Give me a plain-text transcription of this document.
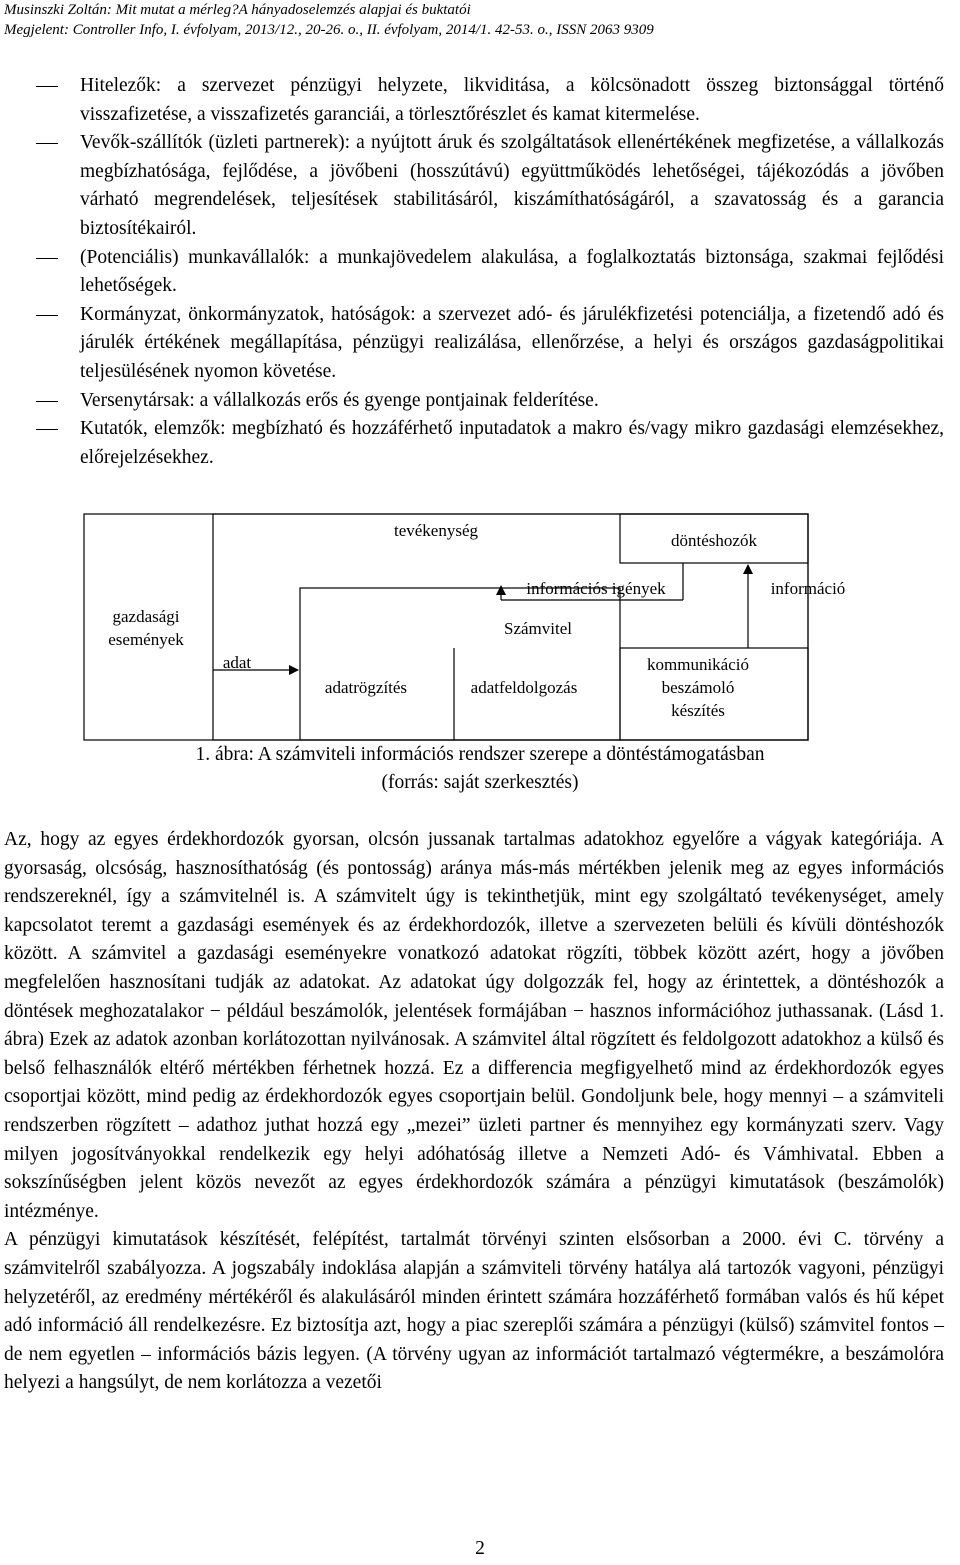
Musinszki Zoltán: Mit mutat a mérleg?A hányadoselemzés alapjai és buktatói
Megjelent: Controller Info, I. évfolyam, 2013/12., 20-26. o., II. évfolyam, 2014/1. 42-53. o., ISSN 2063 9309
Hitelezők: a szervezet pénzügyi helyzete, likviditása, a kölcsönadott összeg biztonsággal történő visszafizetése, a visszafizetés garanciái, a törlesztőrészlet és kamat kitermelése.
Vevők-szállítók (üzleti partnerek): a nyújtott áruk és szolgáltatások ellenértékének megfizetése, a vállalkozás megbízhatósága, fejlődése, a jövőbeni (hosszútávú) együttműködés lehetőségei, tájékozódás a jövőben várható megrendelések, teljesítések stabilitásáról, kiszámíthatóságáról, a szavatosság és a garancia biztosítékairól.
(Potenciális) munkavállalók: a munkajövedelem alakulása, a foglalkoztatás biztonsága, szakmai fejlődési lehetőségek.
Kormányzat, önkormányzatok, hatóságok: a szervezet adó- és járulékfizetési potenciálja, a fizetendő adó és járulék értékének megállapítása, pénzügyi realizálása, ellenőrzése, a helyi és országos gazdaságpolitikai teljesülésének nyomon követése.
Versenytársak: a vállalkozás erős és gyenge pontjainak felderítése.
Kutatók, elemzők: megbízható és hozzáférhető inputadatok a makro és/vagy mikro gazdasági elemzésekhez, előrejelzésekhez.
tevékenység
döntéshozók
információs igények	információ
gazdasági
események
Számvitel
adat
adatrögzítés	adatfeldolgozás
kommunikáció
beszámoló
készítés
1. ábra: A számviteli információs rendszer szerepe a döntéstámogatásban
(forrás: saját szerkesztés)

Az, hogy az egyes érdekhordozók gyorsan, olcsón jussanak tartalmas adatokhoz egyelőre a vágyak kategóriája. A gyorsaság, olcsóság, hasznosíthatóság (és pontosság) aránya más-más mértékben jelenik meg az egyes információs rendszereknél, így a számvitelnél is. A számvitelt úgy is tekinthetjük, mint egy szolgáltató tevékenységet, amely kapcsolatot teremt a gazdasági események és az érdekhordozók, illetve a szervezeten belüli és kívüli döntéshozók között. A számvitel a gazdasági eseményekre vonatkozó adatokat rögzíti, többek között azért, hogy a jövőben megfelelően hasznosítani tudják az adatokat. Az adatokat úgy dolgozzák fel, hogy az érintettek, a döntéshozók a döntések meghozatalakor − például beszámolók, jelentések formájában − hasznos információhoz juthassanak. (Lásd 1. ábra) Ezek az adatok azonban korlátozottan nyilvánosak. A számvitel által rögzített és feldolgozott adatokhoz a külső és belső felhasználók eltérő mértékben férhetnek hozzá. Ez a differencia megfigyelhető mind az érdekhordozók egyes csoportjai között, mind pedig az érdekhordozók egyes csoportjain belül. Gondoljunk bele, hogy mennyi – a számviteli rendszerben rögzített – adathoz juthat hozzá egy „mezei” üzleti partner és mennyihez egy kormányzati szerv. Vagy milyen jogosítványokkal rendelkezik egy helyi adóhatóság illetve a Nemzeti Adó- és Vámhivatal. Ebben a sokszínűségben jelent közös nevezőt az egyes érdekhordozók számára a pénzügyi kimutatások (beszámolók) intézménye.

A pénzügyi kimutatások készítését, felépítést, tartalmát törvényi szinten elsősorban a 2000. évi C. törvény a számvitelről szabályozza. A jogszabály indoklása alapján a számviteli törvény hatálya alá tartozók vagyoni, pénzügyi helyzetéről, az eredmény mértékéről és alakulásáról minden érintett számára hozzáférhető formában valós és hű képet adó információ áll rendelkezésre. Ez biztosítja azt, hogy a piac szereplői számára a pénzügyi (külső) számvitel fontos – de nem egyetlen – információs bázis legyen. (A törvény ugyan az információt tartalmazó végtermékre, a beszámolóra helyezi a hangsúlyt, de nem korlátozza a vezetői

2
